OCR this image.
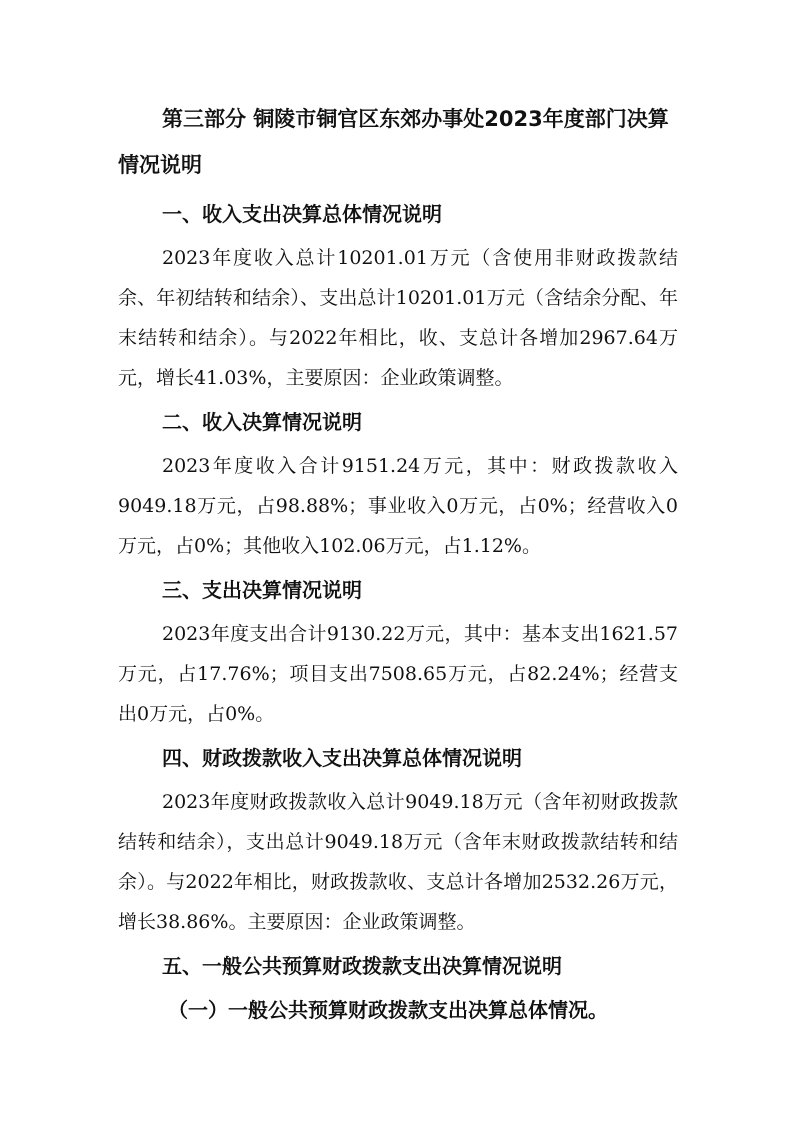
第三部分 铜陵市铜官区东郊办事处2023年度部门决算情况说明
一、收入支出决算总体情况说明
2023年度收入总计10201.01万元（含使用非财政拨款结余、年初结转和结余）、支出总计10201.01万元（含结余分配、年末结转和结余）。与2022年相比，收、支总计各增加2967.64万元，增长41.03%，主要原因：企业政策调整。
二、收入决算情况说明
2023年度收入合计9151.24万元，其中：财政拨款收入9049.18万元，占98.88%；事业收入0万元，占0%；经营收入0万元，占0%；其他收入102.06万元，占1.12%。
三、支出决算情况说明
2023年度支出合计9130.22万元，其中：基本支出1621.57万元，占17.76%；项目支出7508.65万元，占82.24%；经营支出0万元，占0%。
四、财政拨款收入支出决算总体情况说明
2023年度财政拨款收入总计9049.18万元（含年初财政拨款结转和结余），支出总计9049.18万元（含年末财政拨款结转和结余）。与2022年相比，财政拨款收、支总计各增加2532.26万元，增长38.86%。主要原因：企业政策调整。
五、一般公共预算财政拨款支出决算情况说明
（一）一般公共预算财政拨款支出决算总体情况。
